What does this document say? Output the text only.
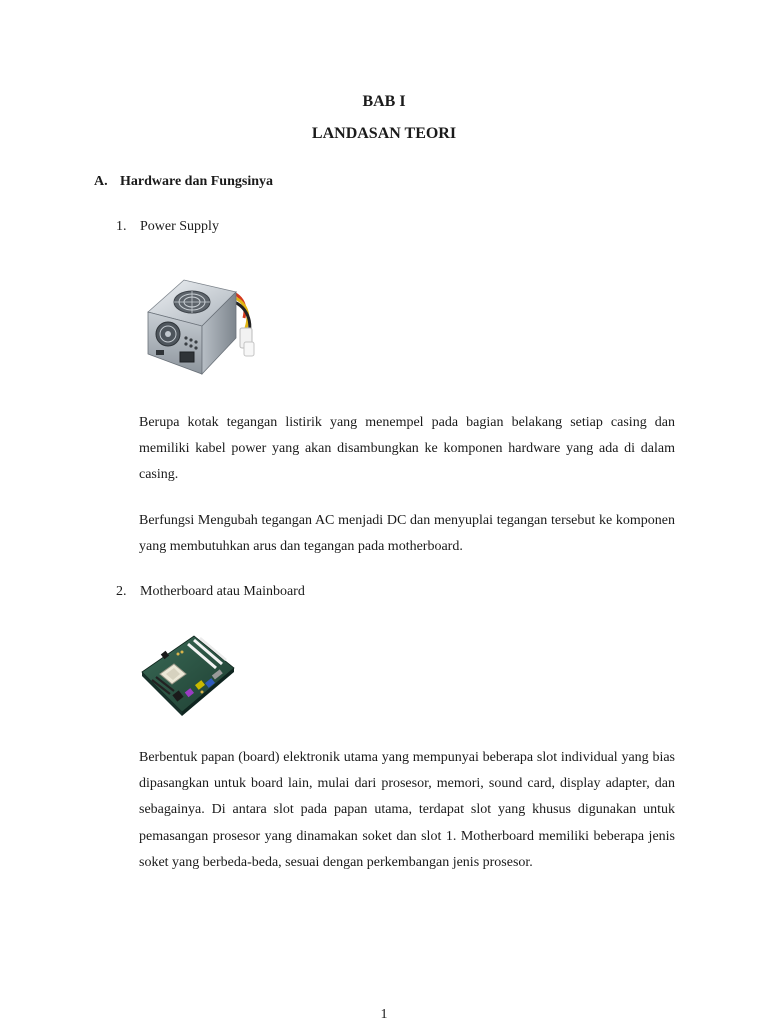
BAB I
LANDASAN TEORI
A. Hardware dan Fungsinya
1. Power Supply
Berupa kotak tegangan listirik yang menempel pada bagian belakang setiap casing dan memiliki kabel power yang akan disambungkan ke komponen hardware yang ada di dalam casing.
Berfungsi Mengubah tegangan AC menjadi DC dan menyuplai tegangan tersebut ke komponen yang membutuhkan arus dan tegangan pada motherboard.
2. Motherboard atau Mainboard
Berbentuk papan (board) elektronik utama yang mempunyai beberapa slot individual yang bias dipasangkan untuk board lain, mulai dari prosesor, memori, sound card, display adapter, dan sebagainya. Di antara slot pada papan utama, terdapat slot yang khusus digunakan untuk pemasangan prosesor yang dinamakan soket dan slot 1. Motherboard memiliki beberapa jenis soket yang berbeda-beda, sesuai dengan perkembangan jenis prosesor.
1
